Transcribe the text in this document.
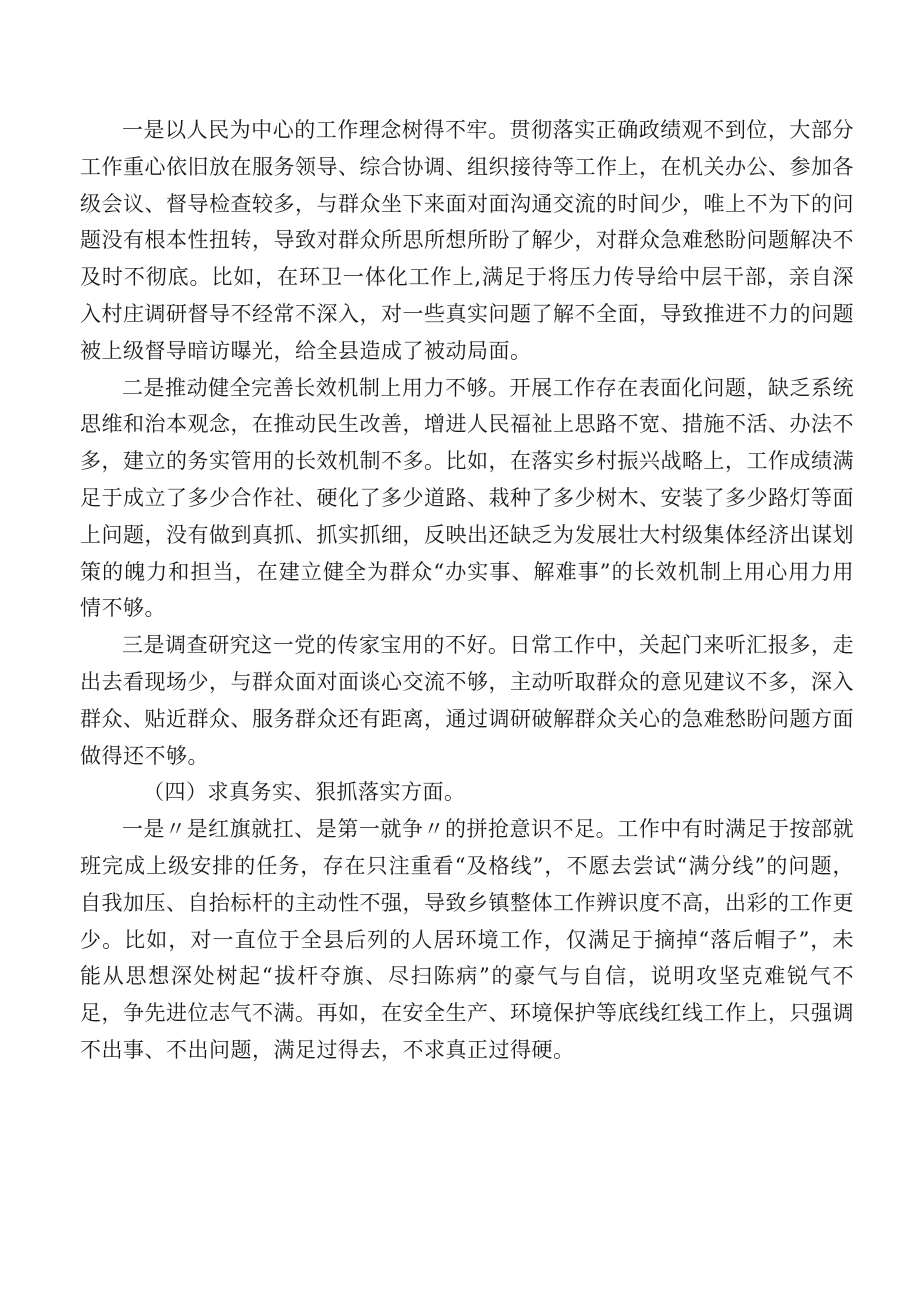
一是以人民为中心的工作理念树得不牢。贯彻落实正确政绩观不到位，大部分工作重心依旧放在服务领导、综合协调、组织接待等工作上，在机关办公、参加各级会议、督导检查较多，与群众坐下来面对面沟通交流的时间少，唯上不为下的问题没有根本性扭转，导致对群众所思所想所盼了解少，对群众急难愁盼问题解决不及时不彻底。比如，在环卫一体化工作上,满足于将压力传导给中层干部，亲自深入村庄调研督导不经常不深入，对一些真实问题了解不全面，导致推进不力的问题被上级督导暗访曝光，给全县造成了被动局面。

二是推动健全完善长效机制上用力不够。开展工作存在表面化问题，缺乏系统思维和治本观念，在推动民生改善，增进人民福祉上思路不宽、措施不活、办法不多，建立的务实管用的长效机制不多。比如，在落实乡村振兴战略上，工作成绩满足于成立了多少合作社、硬化了多少道路、栽种了多少树木、安装了多少路灯等面上问题，没有做到真抓、抓实抓细，反映出还缺乏为发展壮大村级集体经济出谋划策的魄力和担当，在建立健全为群众“办实事、解难事”的长效机制上用心用力用情不够。

三是调查研究这一党的传家宝用的不好。日常工作中，关起门来听汇报多，走出去看现场少，与群众面对面谈心交流不够，主动听取群众的意见建议不多，深入群众、贴近群众、服务群众还有距离，通过调研破解群众关心的急难愁盼问题方面做得还不够。

（四）求真务实、狠抓落实方面。

一是〃是红旗就扛、是第一就争〃的拼抢意识不足。工作中有时满足于按部就班完成上级安排的任务，存在只注重看“及格线”，不愿去尝试“满分线”的问题，自我加压、自抬标杆的主动性不强，导致乡镇整体工作辨识度不高，出彩的工作更少。比如，对一直位于全县后列的人居环境工作，仅满足于摘掉“落后帽子”，未能从思想深处树起“拔杆夺旗、尽扫陈病”的豪气与自信，说明攻坚克难锐气不足，争先进位志气不满。再如，在安全生产、环境保护等底线红线工作上，只强调不出事、不出问题，满足过得去，不求真正过得硬。
